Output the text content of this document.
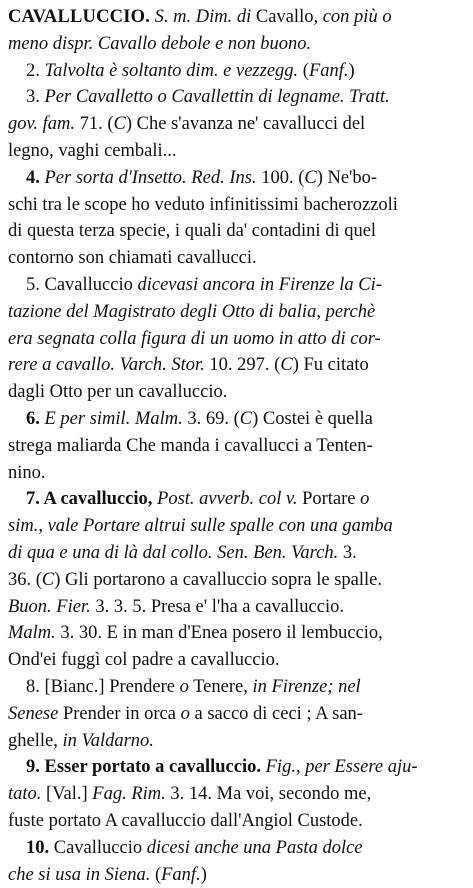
CAVALLUCCIO. S. m. Dim. di Cavallo, con più o
meno dispr. Cavallo debole e non buono.
2. Talvolta è soltanto dim. e vezzegg. (Fanf.)
3. Per Cavalletto o Cavallettin di legname. Tratt.
gov. fam. 71. (C) Che s'avanza ne' cavallucci del
legno, vaghi cembali...
4. Per sorta d'Insetto. Red. Ins. 100. (C) Ne'bo-
schi tra le scope ho veduto infinitissimi bacherozzoli
di questa terza specie, i quali da' contadini di quel
contorno son chiamati cavallucci.
5. Cavalluccio dicevasi ancora in Firenze la Ci-
tazione del Magistrato degli Otto di balia, perchè
era segnata colla figura di un uomo in atto di cor-
rere a cavallo. Varch. Stor. 10. 297. (C) Fu citato
dagli Otto per un cavalluccio.
6. E per simil. Malm. 3. 69. (C) Costei è quella
strega maliarda Che manda i cavallucci a Tenten-
nino.
7. A cavalluccio, Post. avverb. col v. Portare o
sim., vale Portare altrui sulle spalle con una gamba
di qua e una di là dal collo. Sen. Ben. Varch. 3.
36. (C) Gli portarono a cavalluccio sopra le spalle.
Buon. Fier. 3. 3. 5. Presa e' l'ha a cavalluccio.
Malm. 3. 30. E in man d'Enea posero il lembuccio,
Ond'ei fuggì col padre a cavalluccio.
8. [Bianc.] Prendere o Tenere, in Firenze; nel
Senese Prender in orca o a sacco di ceci ; A san-
ghelle, in Valdarno.
9. Esser portato a cavalluccio. Fig., per Essere aju-
tato. [Val.] Fag. Rim. 3. 14. Ma voi, secondo me,
fuste portato A cavalluccio dall'Angiol Custode.
10. Cavalluccio dicesi anche una Pasta dolce
che si usa in Siena. (Fanf.)
